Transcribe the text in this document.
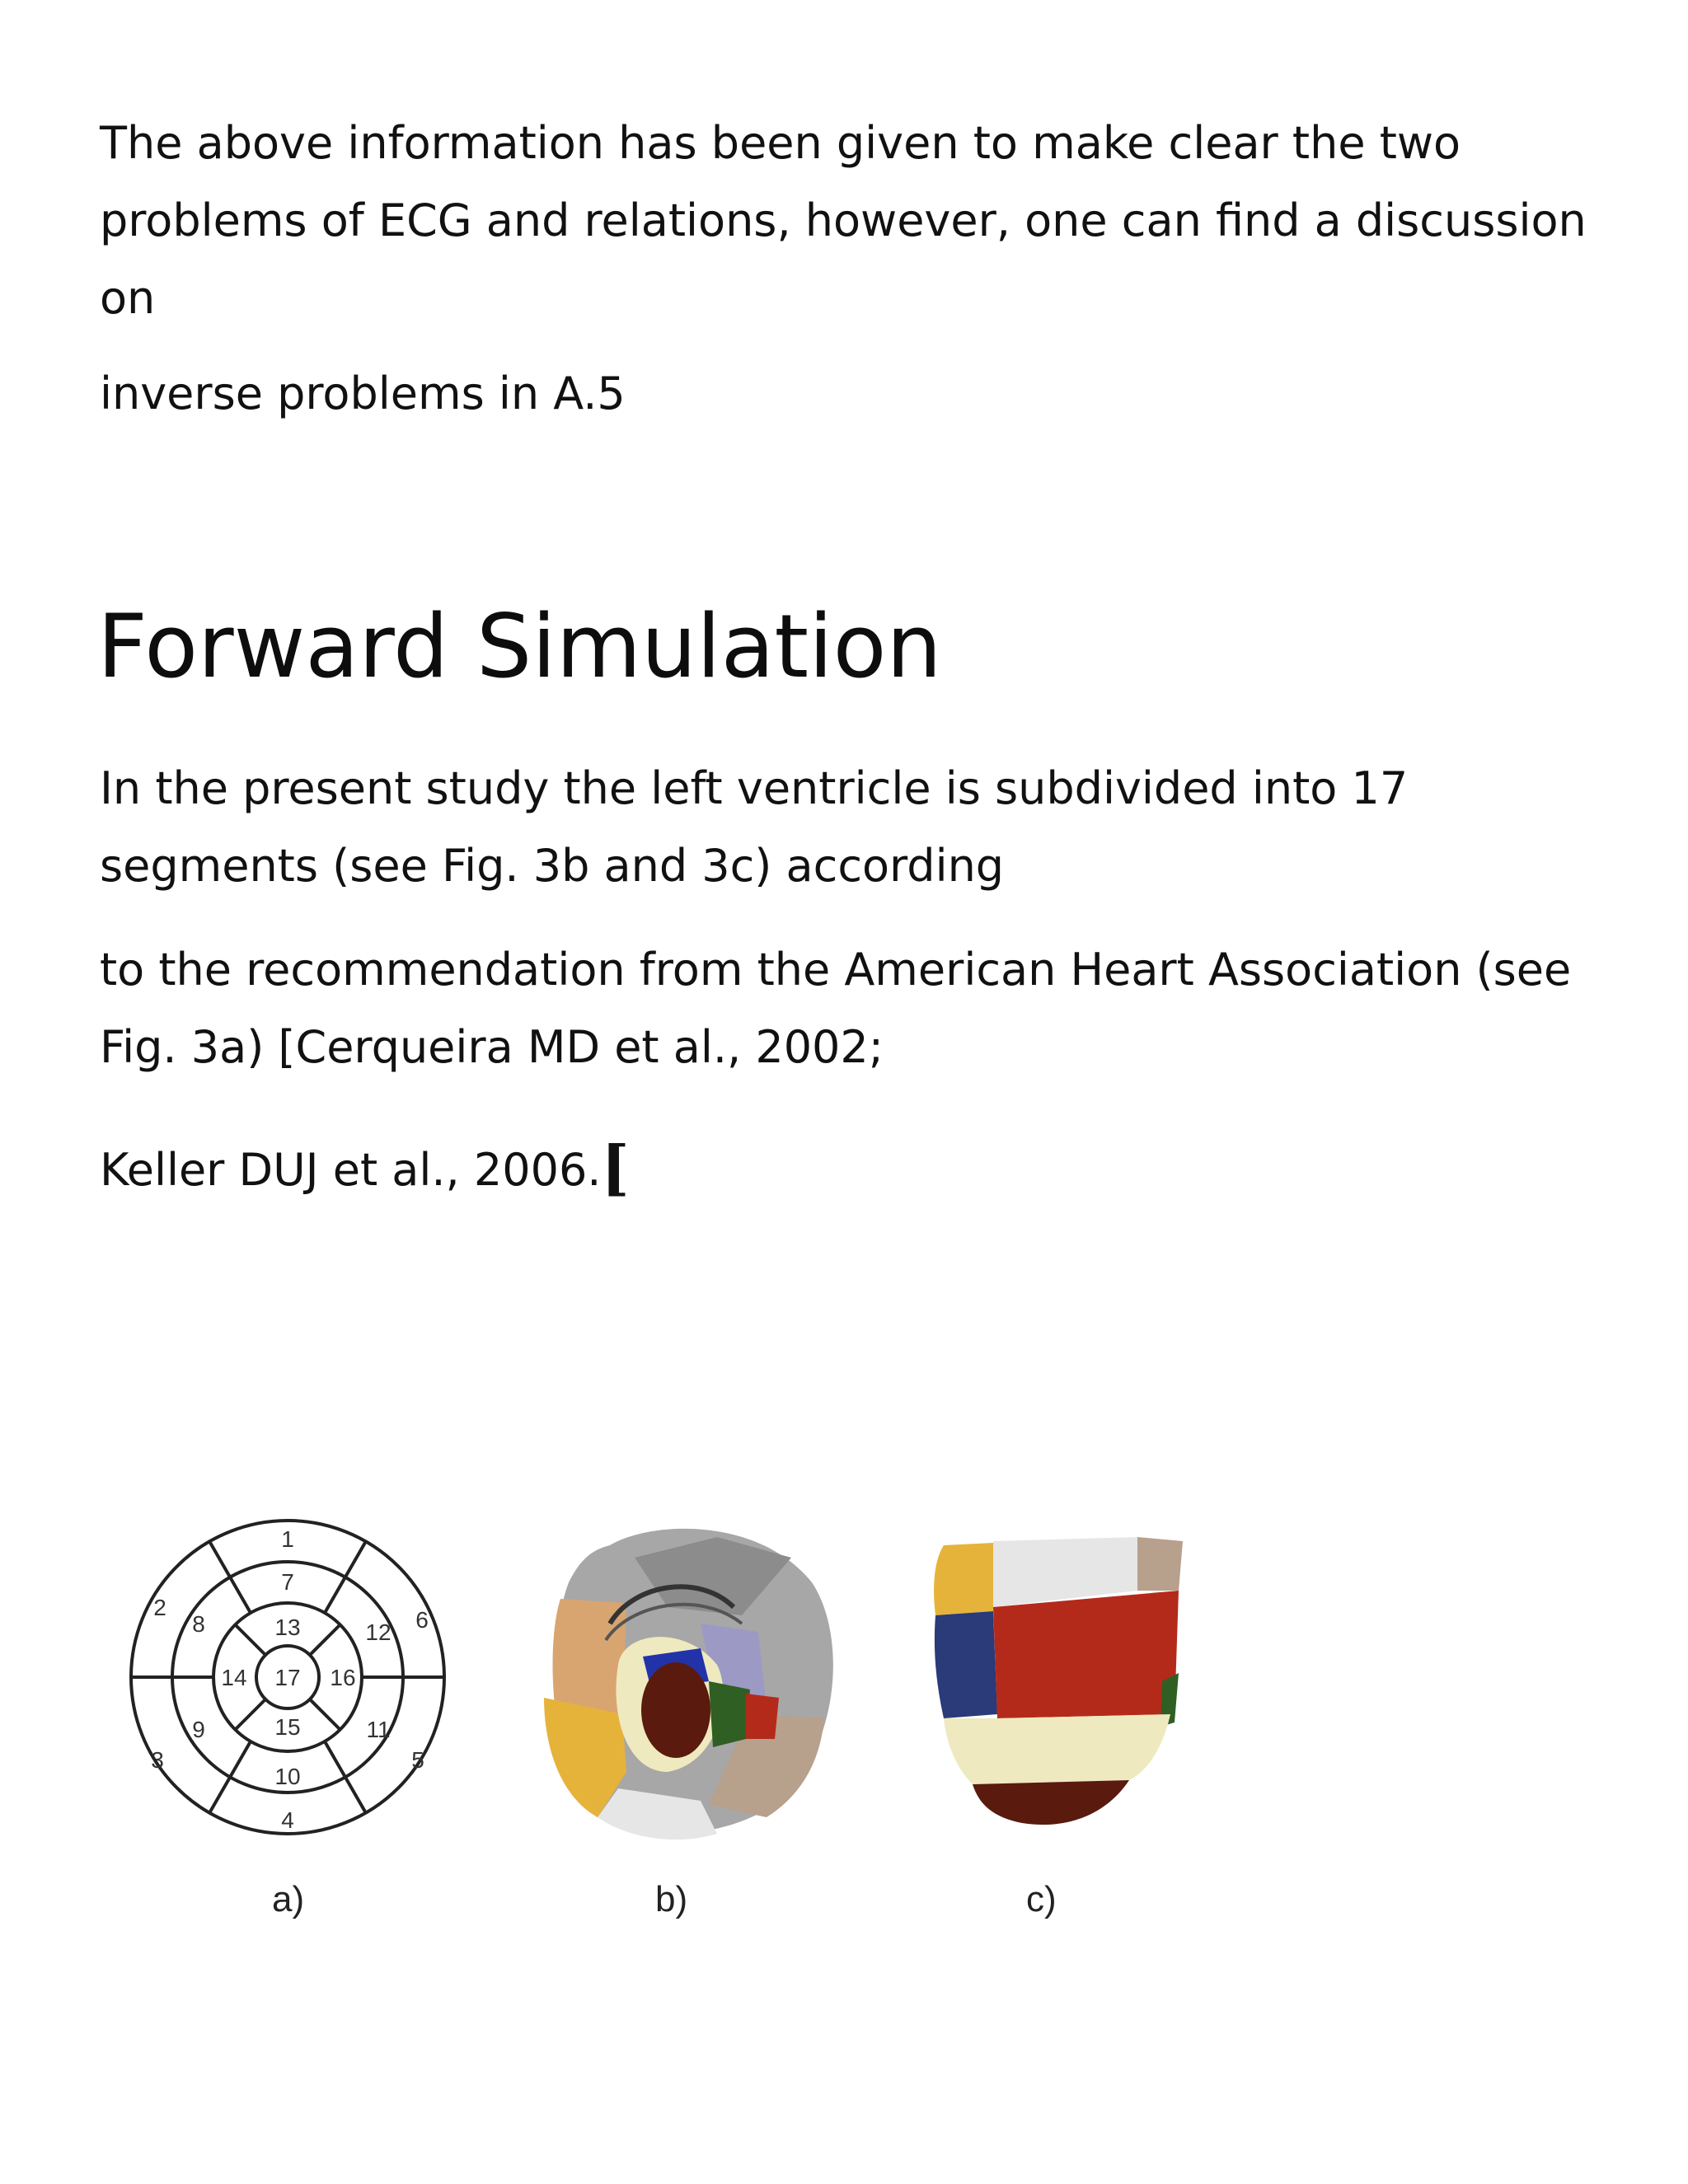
The above information has been given to make clear the two
problems of ECG and relations, however, one can find a discussion
on

inverse problems in A.5

Forward Simulation

In the present study the left ventricle is subdivided into 17
segments (see Fig. 3b and 3c) according

to the recommendation from the American Heart Association (see
Fig. 3a) [Cerqueira MD et al., 2002;

Keller DUJ et al., 2006.[

1
2
3
4
5
6
7
8
9
10
11
12
13
14
15
16
17
a)	b)	c)
